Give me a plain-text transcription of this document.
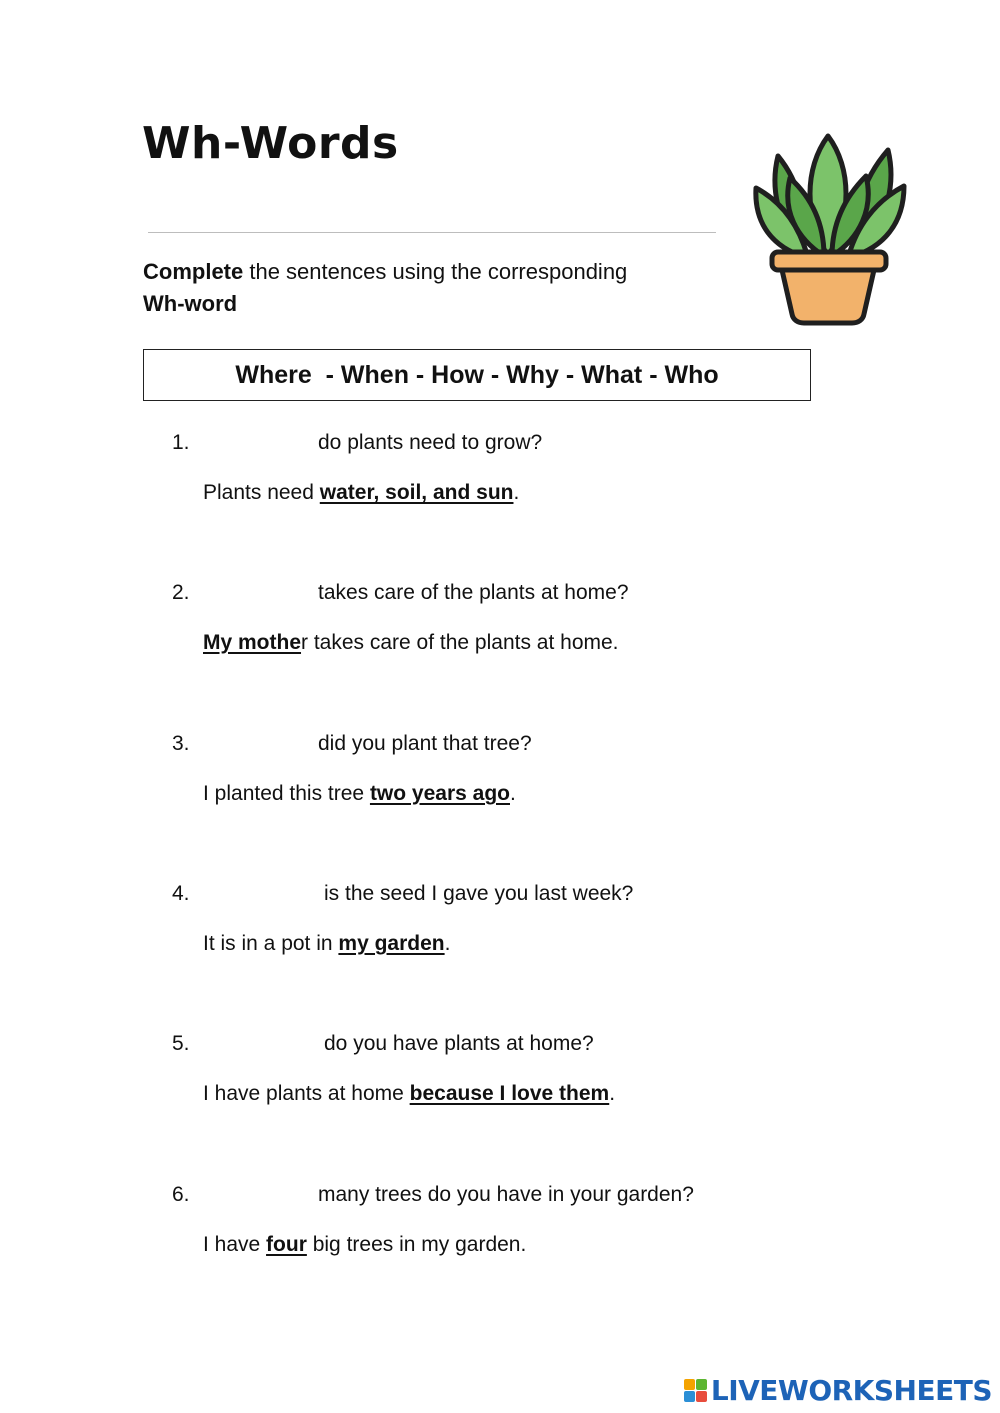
Wh-Words
Complete the sentences using the corresponding
Wh-word
Where  - When - How - Why - What - Who
1.	do plants need to grow?
Plants need water, soil, and sun.
2.	takes care of the plants at home?
My mother takes care of the plants at home.
3.	did you plant that tree?
I planted this tree two years ago.
4.	is the seed I gave you last week?
It is in a pot in my garden.
5.	do you have plants at home?
I have plants at home because I love them.
6.	many trees do you have in your garden?
I have four big trees in my garden.
LIVEWORKSHEETS
